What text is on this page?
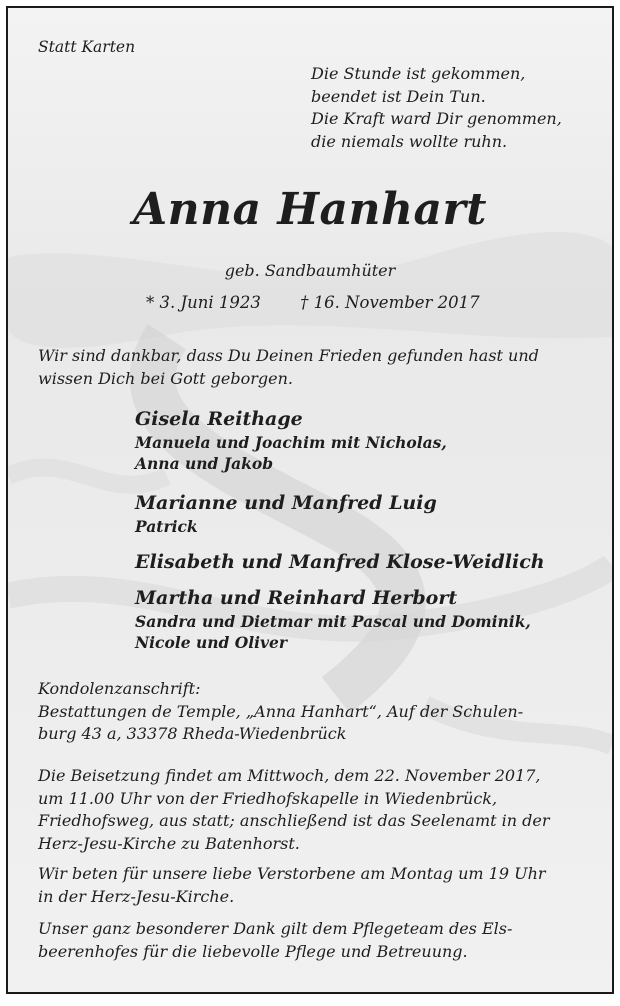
Statt Karten
Die Stunde ist gekommen,
beendet ist Dein Tun.
Die Kraft ward Dir genommen,
die niemals wollte ruhn.
Anna Hanhart
geb. Sandbaumhüter
* 3. Juni 1923 † 16. November 2017
Wir sind dankbar, dass Du Deinen Frieden gefunden hast und
wissen Dich bei Gott geborgen.
Gisela Reithage
Manuela und Joachim mit Nicholas,
Anna und Jakob
Marianne und Manfred Luig
Patrick
Elisabeth und Manfred Klose-Weidlich
Martha und Reinhard Herbort
Sandra und Dietmar mit Pascal und Dominik,
Nicole und Oliver
Kondolenzanschrift:
Bestattungen de Temple, „Anna Hanhart“, Auf der Schulen-
burg 43 a, 33378 Rheda-Wiedenbrück
Die Beisetzung findet am Mittwoch, dem 22. November 2017,
um 11.00 Uhr von der Friedhofskapelle in Wiedenbrück,
Friedhofsweg, aus statt; anschließend ist das Seelenamt in der
Herz-Jesu-Kirche zu Batenhorst.
Wir beten für unsere liebe Verstorbene am Montag um 19 Uhr
in der Herz-Jesu-Kirche.
Unser ganz besonderer Dank gilt dem Pflegeteam des Els-
beerenhofes für die liebevolle Pflege und Betreuung.
